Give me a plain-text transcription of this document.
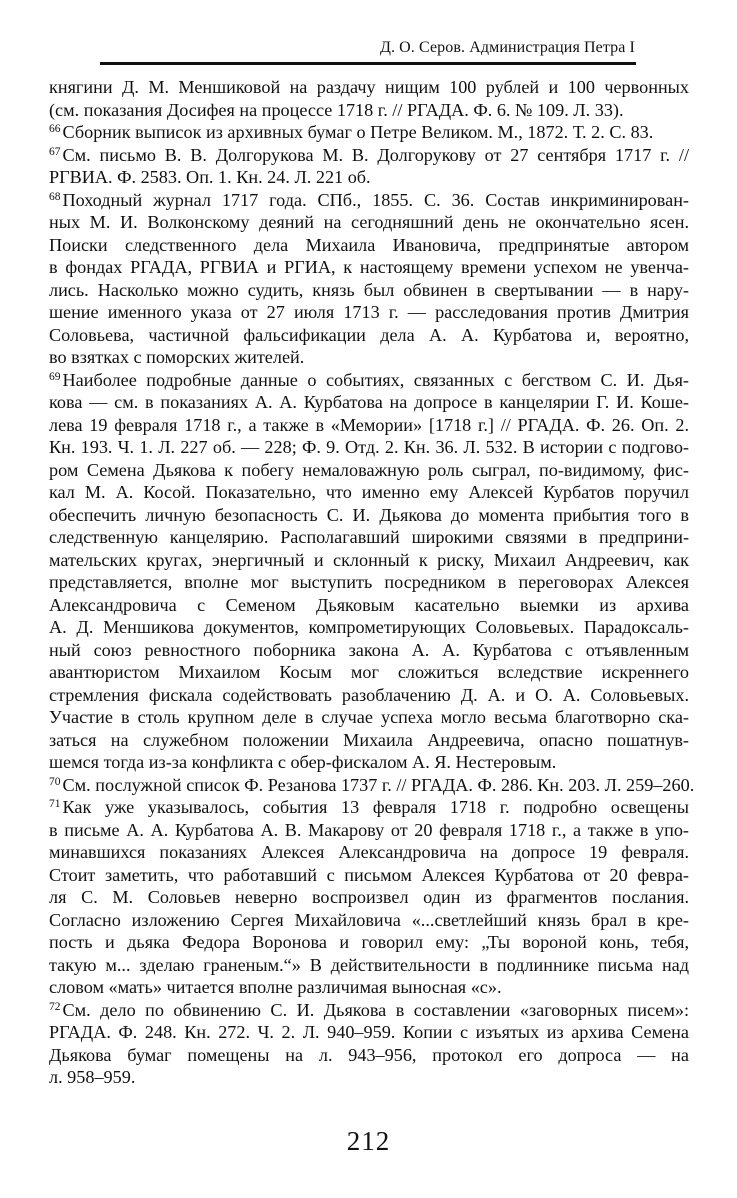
Д. О. Серов. Администрация Петра I
княгини Д. М. Меншиковой на раздачу нищим 100 рублей и 100 червонных
(см. показания Досифея на процессе 1718 г. // РГАДА. Ф. 6. № 109. Л. 33).
$^{66}$ Сборник выписок из архивных бумаг о Петре Великом. М., 1872. Т. 2. С. 83.
$^{67}$ См. письмо В. В. Долгорукова М. В. Долгорукову от 27 сентября 1717 г. //
РГВИА. Ф. 2583. Оп. 1. Кн. 24. Л. 221 об.
$^{68}$ Походный журнал 1717 года. СПб., 1855. С. 36. Состав инкриминирован-
ных М. И. Волконскому деяний на сегодняшний день не окончательно ясен.
Поиски следственного дела Михаила Ивановича, предпринятые автором
в фондах РГАДА, РГВИА и РГИА, к настоящему времени успехом не увенча-
лись. Насколько можно судить, князь был обвинен в свертывании — в нару-
шение именного указа от 27 июля 1713 г. — расследования против Дмитрия
Соловьева, частичной фальсификации дела А. А. Курбатова и, вероятно,
во взятках с поморских жителей.
$^{69}$ Наиболее подробные данные о событиях, связанных с бегством С. И. Дья-
кова — см. в показаниях А. А. Курбатова на допросе в канцелярии Г. И. Коше-
лева 19 февраля 1718 г., а также в «Мемории» [1718 г.] // РГАДА. Ф. 26. Оп. 2.
Кн. 193. Ч. 1. Л. 227 об. — 228; Ф. 9. Отд. 2. Кн. 36. Л. 532. В истории с подгово-
ром Семена Дьякова к побегу немаловажную роль сыграл, по-видимому, фис-
кал М. А. Косой. Показательно, что именно ему Алексей Курбатов поручил
обеспечить личную безопасность С. И. Дьякова до момента прибытия того в
следственную канцелярию. Располагавший широкими связями в предприни-
мательских кругах, энергичный и склонный к риску, Михаил Андреевич, как
представляется, вполне мог выступить посредником в переговорах Алексея
Александровича с Семеном Дьяковым касательно выемки из архива
А. Д. Меншикова документов, компрометирующих Соловьевых. Парадоксаль-
ный союз ревностного поборника закона А. А. Курбатова с отъявленным
авантюристом Михаилом Косым мог сложиться вследствие искреннего
стремления фискала содействовать разоблачению Д. А. и О. А. Соловьевых.
Участие в столь крупном деле в случае успеха могло весьма благотворно ска-
заться на служебном положении Михаила Андреевича, опасно пошатнув-
шемся тогда из-за конфликта с обер-фискалом А. Я. Нестеровым.
$^{70}$ См. послужной список Ф. Резанова 1737 г. // РГАДА. Ф. 286. Кн. 203. Л. 259–260.
$^{71}$ Как уже указывалось, события 13 февраля 1718 г. подробно освещены
в письме А. А. Курбатова А. В. Макарову от 20 февраля 1718 г., а также в упо-
минавшихся показаниях Алексея Александровича на допросе 19 февраля.
Стоит заметить, что работавший с письмом Алексея Курбатова от 20 февра-
ля С. М. Соловьев неверно воспроизвел один из фрагментов послания.
Согласно изложению Сергея Михайловича «...светлейший князь брал в кре-
пость и дьяка Федора Воронова и говорил ему: „Ты вороной конь, тебя,
такую м... зделаю граненым.“» В действительности в подлиннике письма над
словом «мать» читается вполне различимая выносная «с».
$^{72}$ См. дело по обвинению С. И. Дьякова в составлении «заговорных писем»:
РГАДА. Ф. 248. Кн. 272. Ч. 2. Л. 940–959. Копии с изъятых из архива Семена
Дьякова бумаг помещены на л. 943–956, протокол его допроса — на
л. 958–959.
212
